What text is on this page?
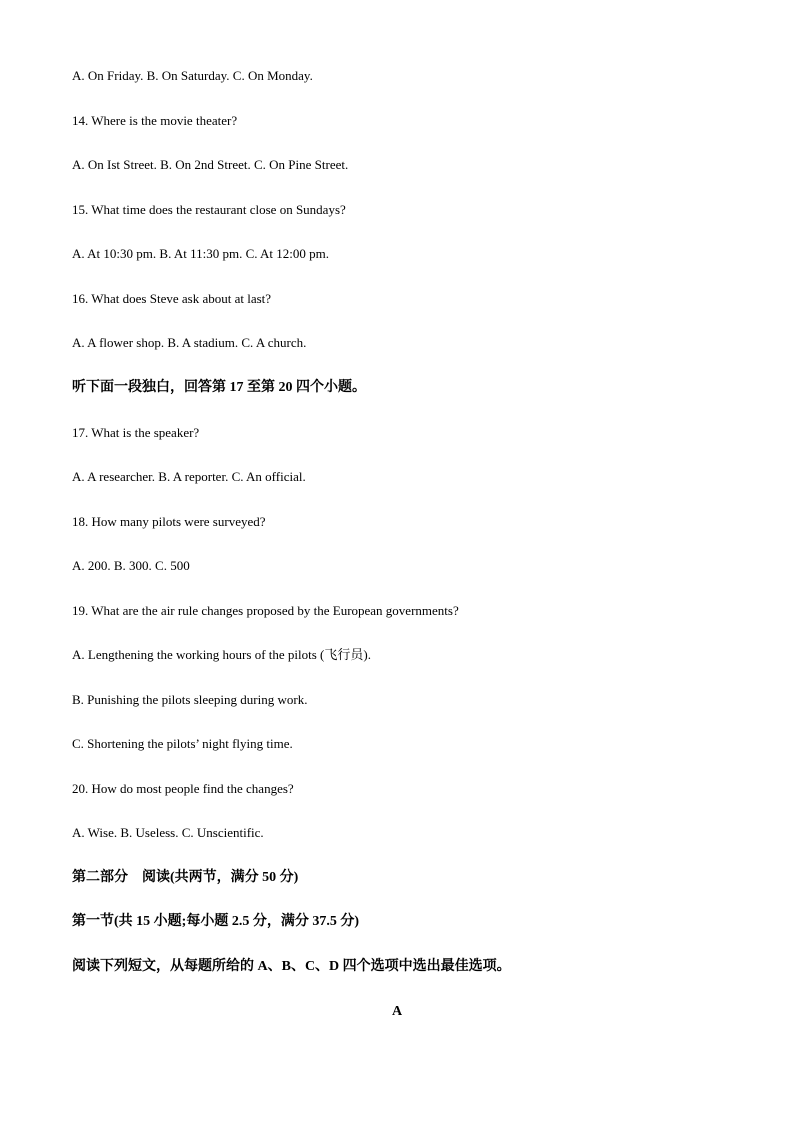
A. On Friday. B. On Saturday. C. On Monday.
14. Where is the movie theater?
A. On Ist Street. B. On 2nd Street. C. On Pine Street.
15. What time does the restaurant close on Sundays?
A. At 10:30 pm. B. At 11:30 pm. C. At 12:00 pm.
16. What does Steve ask about at last?
A. A flower shop. B. A stadium. C. A church.
听下面一段独白，回答第 17 至第 20 四个小题。
17. What is the speaker?
A. A researcher. B. A reporter. C. An official.
18. How many pilots were surveyed?
A. 200. B. 300. C. 500
19. What are the air rule changes proposed by the European governments?
A. Lengthening the working hours of the pilots (飞行员).
B. Punishing the pilots sleeping during work.
C. Shortening the pilots’ night flying time.
20. How do most people find the changes?
A. Wise. B. Useless. C. Unscientific.
第二部分　阅读(共两节，满分 50 分)
第一节(共 15 小题;每小题 2.5 分，满分 37.5 分)
阅读下列短文，从每题所给的 A、B、C、D 四个选项中选出最佳选项。
A
